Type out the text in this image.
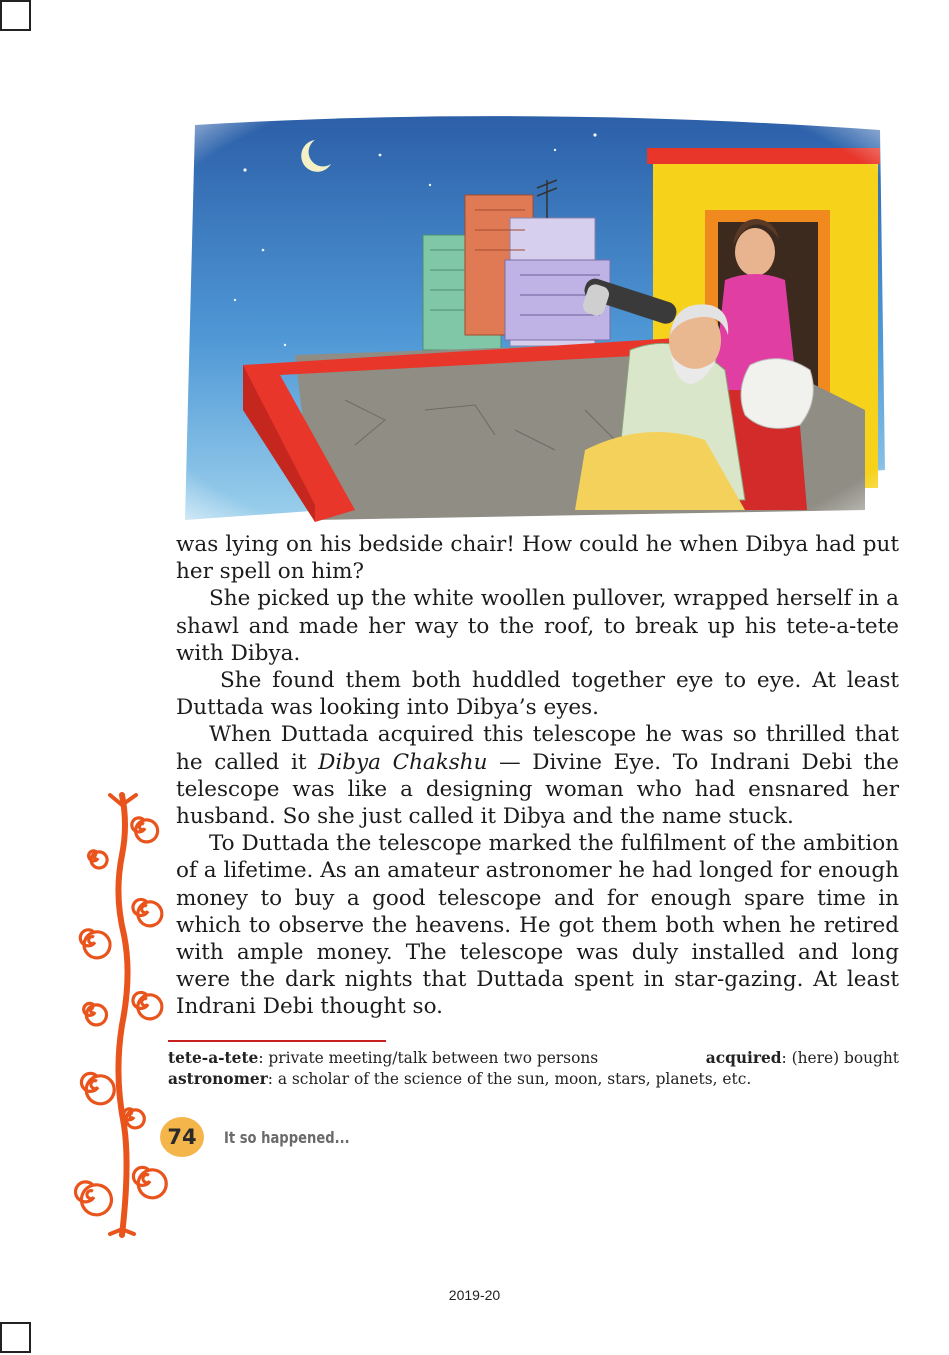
was lying on his bedside chair! How could he when Dibya had put her spell on him?

She picked up the white woollen pullover, wrapped herself in a shawl and made her way to the roof, to break up his tete-a-tete with Dibya.

She found them both huddled together eye to eye. At least Duttada was looking into Dibya’s eyes.

When Duttada acquired this telescope he was so thrilled that he called it Dibya Chakshu — Divine Eye. To Indrani Debi the telescope was like a designing woman who had ensnared her husband. So she just called it Dibya and the name stuck.

To Duttada the telescope marked the fulfilment of the ambition of a lifetime. As an amateur astronomer he had longed for enough money to buy a good telescope and for enough spare time in which to observe the heavens. He got them both when he retired with ample money. The telescope was duly installed and long were the dark nights that Duttada spent in star-gazing. At least Indrani Debi thought so.

tete-a-tete: private meeting/talk between two persons	acquired: (here) bought
astronomer: a scholar of the science of the sun, moon, stars, planets, etc.
74	It so happened...
2019-20
